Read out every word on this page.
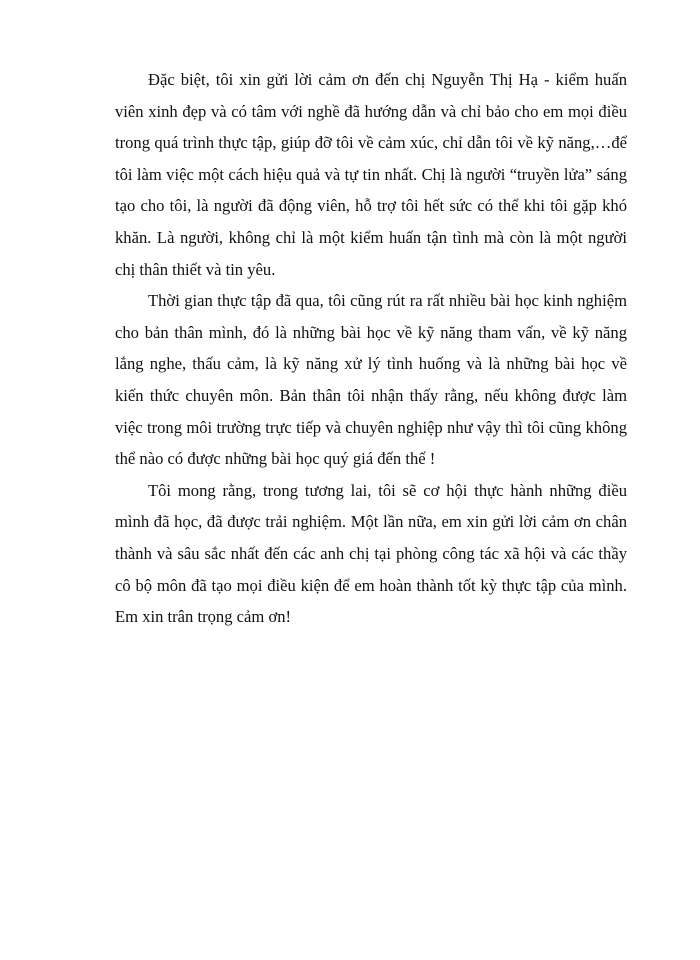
Đặc biệt, tôi xin gửi lời cảm ơn đến chị Nguyễn Thị Hạ - kiểm huấn viên xinh đẹp và có tâm với nghề đã hướng dẫn và chỉ bảo cho em mọi điều trong quá trình thực tập, giúp đỡ tôi về cảm xúc, chỉ dẫn tôi về kỹ năng,…để tôi làm việc một cách hiệu quả và tự tin nhất. Chị là người “truyền lửa” sáng tạo cho tôi, là người đã động viên, hỗ trợ tôi hết sức có thể khi tôi gặp khó khăn. Là người, không chỉ là một kiểm huấn tận tình mà còn là một người chị thân thiết và tin yêu.

Thời gian thực tập đã qua, tôi cũng rút ra rất nhiều bài học kinh nghiệm cho bản thân mình, đó là những bài học về kỹ năng tham vấn, về kỹ năng lắng nghe, thấu cảm, là kỹ năng xử lý tình huống và là những bài học về kiến thức chuyên môn. Bản thân tôi nhận thấy rằng, nếu không được làm việc trong môi trường trực tiếp và chuyên nghiệp như vậy thì tôi cũng không thể nào có được những bài học quý giá đến thế !

Tôi mong rằng, trong tương lai, tôi sẽ cơ hội thực hành những điều mình đã học, đã được trải nghiệm. Một lần nữa, em xin gửi lời cảm ơn chân thành và sâu sắc nhất đến các anh chị tại phòng công tác xã hội và các thầy cô bộ môn đã tạo mọi điều kiện để em hoàn thành tốt kỳ thực tập của mình. Em xin trân trọng cảm ơn!
